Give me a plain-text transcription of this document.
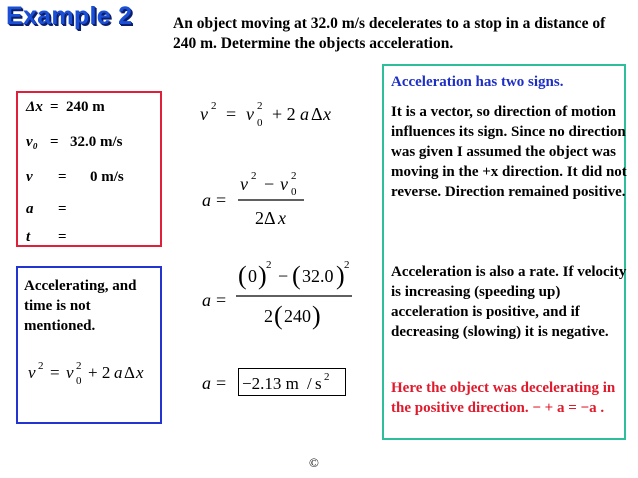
Example 2	An object moving at 32.0 m/s decelerates to a stop in a distance of 240 m. Determine the objects acceleration.
Δx = 240 m
v₀ = 32.0 m/s
v = 0 m/s
a =
t =
Accelerating, and time is not mentioned.
v 2 = v 2
0 + 2 a Δ x
v 2 = v 2
0 + 2 a Δ x
a =
v 2 − v 2
0
2Δ x
a =
( 0 ) 2
− ( 32.0 ) 2
2 ( 240 )
a = −2.13 m / s 2
Acceleration has two signs.
It is a vector, so direction of motion influences its sign. Since no direction was given I assumed the object was moving in the +x direction. It did not reverse. Direction remained positive.
Acceleration is also a rate. If velocity is increasing (speeding up) acceleration is positive, and if decreasing (slowing) it is negative.
Here the object was decelerating in the positive direction. − + a = −a .
©
